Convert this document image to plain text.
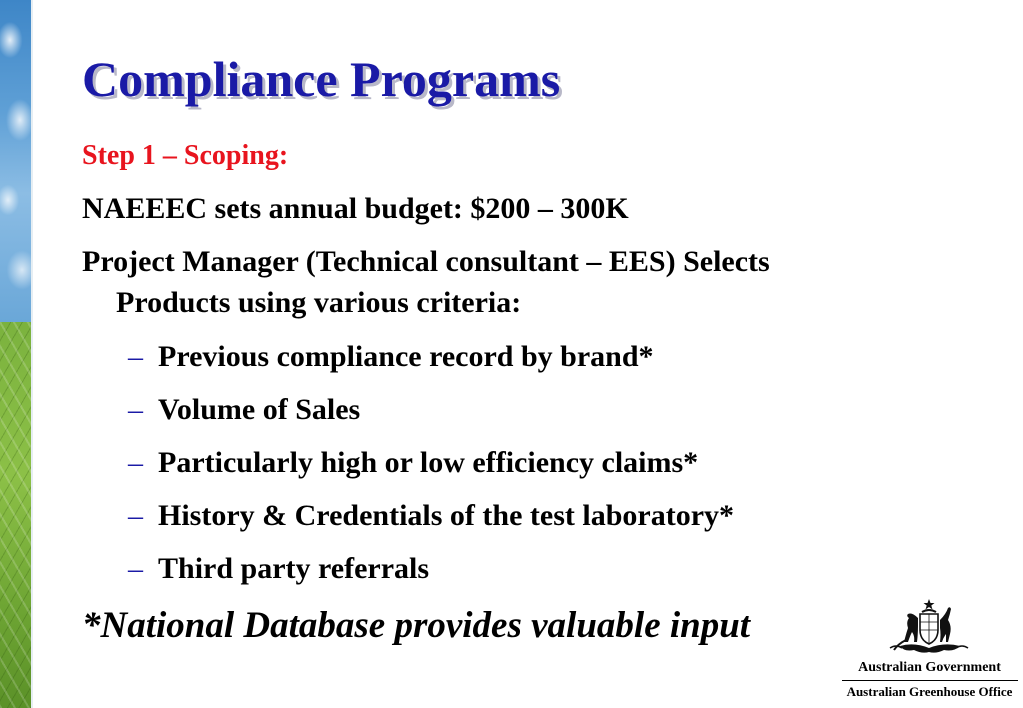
Compliance Programs

Step 1 – Scoping:

NAEEEC sets annual budget: $200 – 300K

Project Manager (Technical consultant – EES) Selects

Products using various criteria:

– Previous compliance record by brand*
– Volume of Sales
– Particularly high or low efficiency claims*
– History & Credentials of the test laboratory*
– Third party referrals

*National Database provides valuable input

Australian Government
Australian Greenhouse Office
